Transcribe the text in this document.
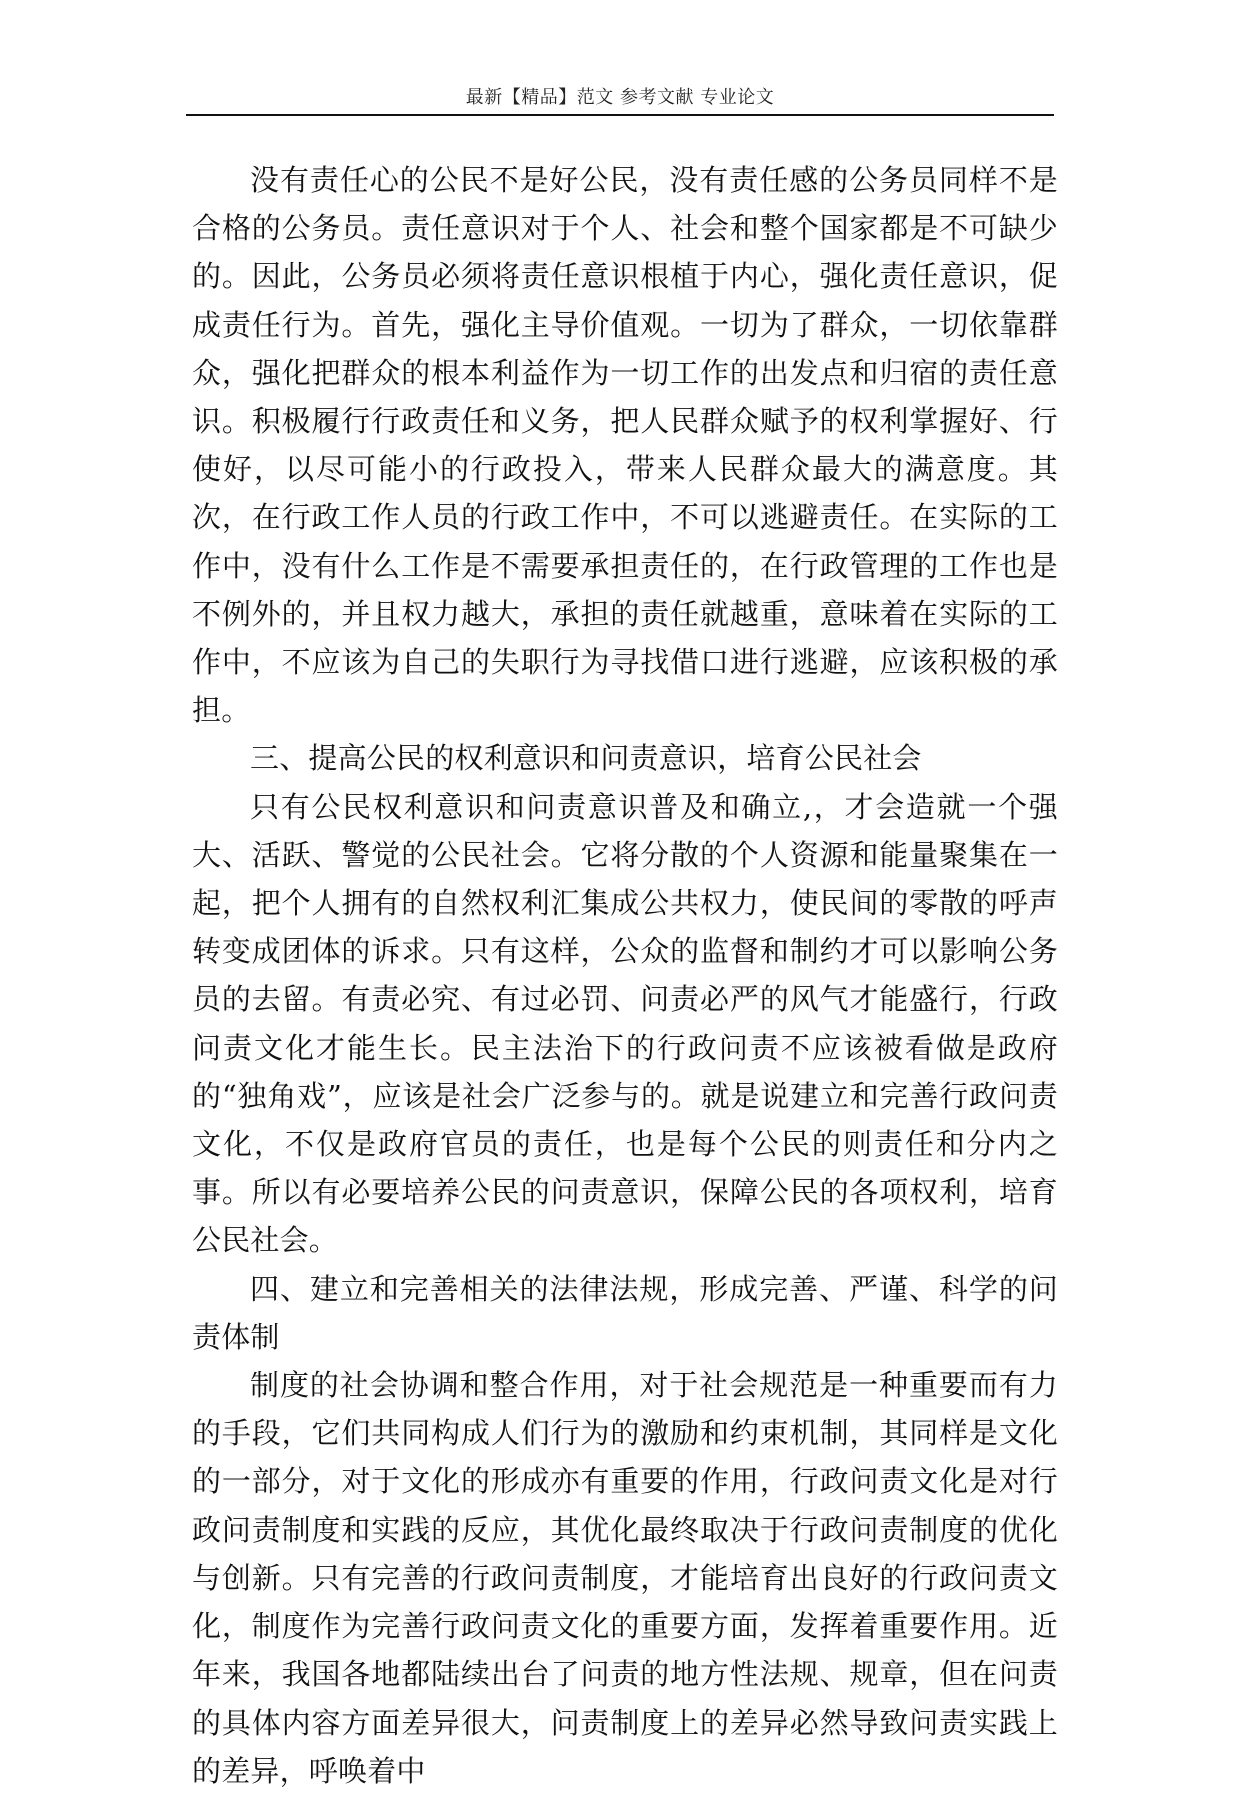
最新【精品】范文 参考文献 专业论文

没有责任心的公民不是好公民，没有责任感的公务员同样不是合格的公务员。责任意识对于个人、社会和整个国家都是不可缺少的。因此，公务员必须将责任意识根植于内心，强化责任意识，促成责任行为。首先，强化主导价值观。一切为了群众，一切依靠群众，强化把群众的根本利益作为一切工作的出发点和归宿的责任意识。积极履行行政责任和义务，把人民群众赋予的权利掌握好、行使好，以尽可能小的行政投入，带来人民群众最大的满意度。其次，在行政工作人员的行政工作中，不可以逃避责任。在实际的工作中，没有什么工作是不需要承担责任的，在行政管理的工作也是不例外的，并且权力越大，承担的责任就越重，意味着在实际的工作中，不应该为自己的失职行为寻找借口进行逃避，应该积极的承担。

三、提高公民的权利意识和问责意识，培育公民社会

只有公民权利意识和问责意识普及和确立,，才会造就一个强大、活跃、警觉的公民社会。它将分散的个人资源和能量聚集在一起，把个人拥有的自然权利汇集成公共权力，使民间的零散的呼声转变成团体的诉求。只有这样，公众的监督和制约才可以影响公务员的去留。有责必究、有过必罚、问责必严的风气才能盛行，行政问责文化才能生长。民主法治下的行政问责不应该被看做是政府的“独角戏”，应该是社会广泛参与的。就是说建立和完善行政问责文化，不仅是政府官员的责任，也是每个公民的则责任和分内之事。所以有必要培养公民的问责意识，保障公民的各项权利，培育公民社会。

四、建立和完善相关的法律法规，形成完善、严谨、科学的问责体制

制度的社会协调和整合作用，对于社会规范是一种重要而有力的手段，它们共同构成人们行为的激励和约束机制，其同样是文化的一部分，对于文化的形成亦有重要的作用，行政问责文化是对行政问责制度和实践的反应，其优化最终取决于行政问责制度的优化与创新。只有完善的行政问责制度，才能培育出良好的行政问责文化，制度作为完善行政问责文化的重要方面，发挥着重要作用。近年来，我国各地都陆续出台了问责的地方性法规、规章，但在问责的具体内容方面差异很大，问责制度上的差异必然导致问责实践上的差异，呼唤着中
